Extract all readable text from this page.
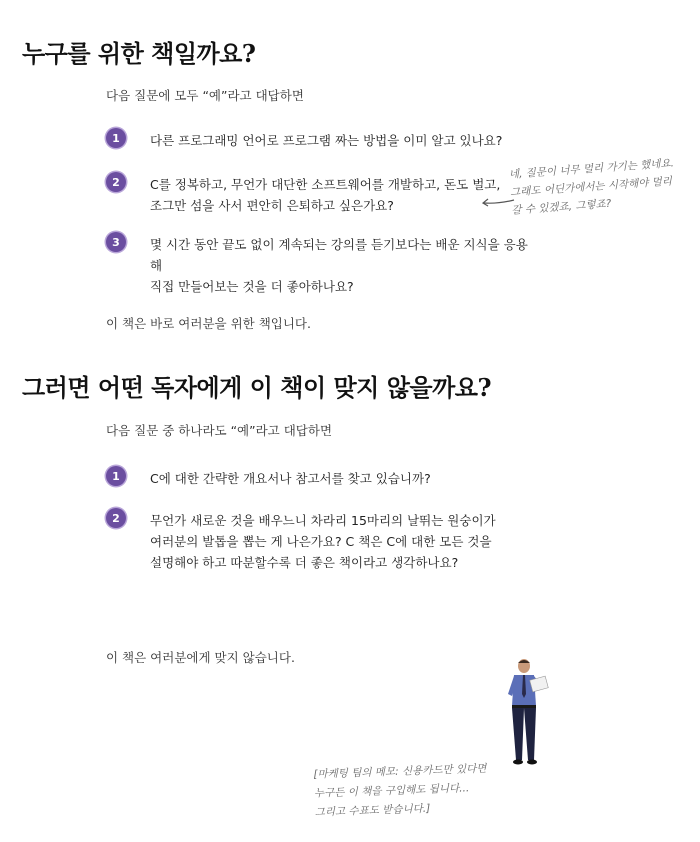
누구를 위한 책일까요?

다음 질문에 모두 “예”라고 대답하면

1	다른 프로그래밍 언어로 프로그램 짜는 방법을 이미 알고 있나요?
2	C를 정복하고, 무언가 대단한 소프트웨어를 개발하고, 돈도 벌고,
조그만 섬을 사서 편안히 은퇴하고 싶은가요?
3	몇 시간 동안 끝도 없이 계속되는 강의를 듣기보다는 배운 지식을 응용해
직접 만들어보는 것을 더 좋아하나요?
네, 질문이 너무 멀리 가기는 했네요.
그래도 어딘가에서는 시작해야 멀리
갈 수 있겠죠, 그렇죠?

이 책은 바로 여러분을 위한 책입니다.

그러면 어떤 독자에게 이 책이 맞지 않을까요?

다음 질문 중 하나라도 “예”라고 대답하면

1	C에 대한 간략한 개요서나 참고서를 찾고 있습니까?
2	무언가 새로운 것을 배우느니 차라리 15마리의 날뛰는 원숭이가
여러분의 발톱을 뽑는 게 나은가요? C 책은 C에 대한 모든 것을
설명해야 하고 따분할수록 더 좋은 책이라고 생각하나요?

이 책은 여러분에게 맞지 않습니다.

[마케팅 팀의 메모: 신용카드만 있다면
누구든 이 책을 구입해도 됩니다...
그리고 수표도 받습니다.]
